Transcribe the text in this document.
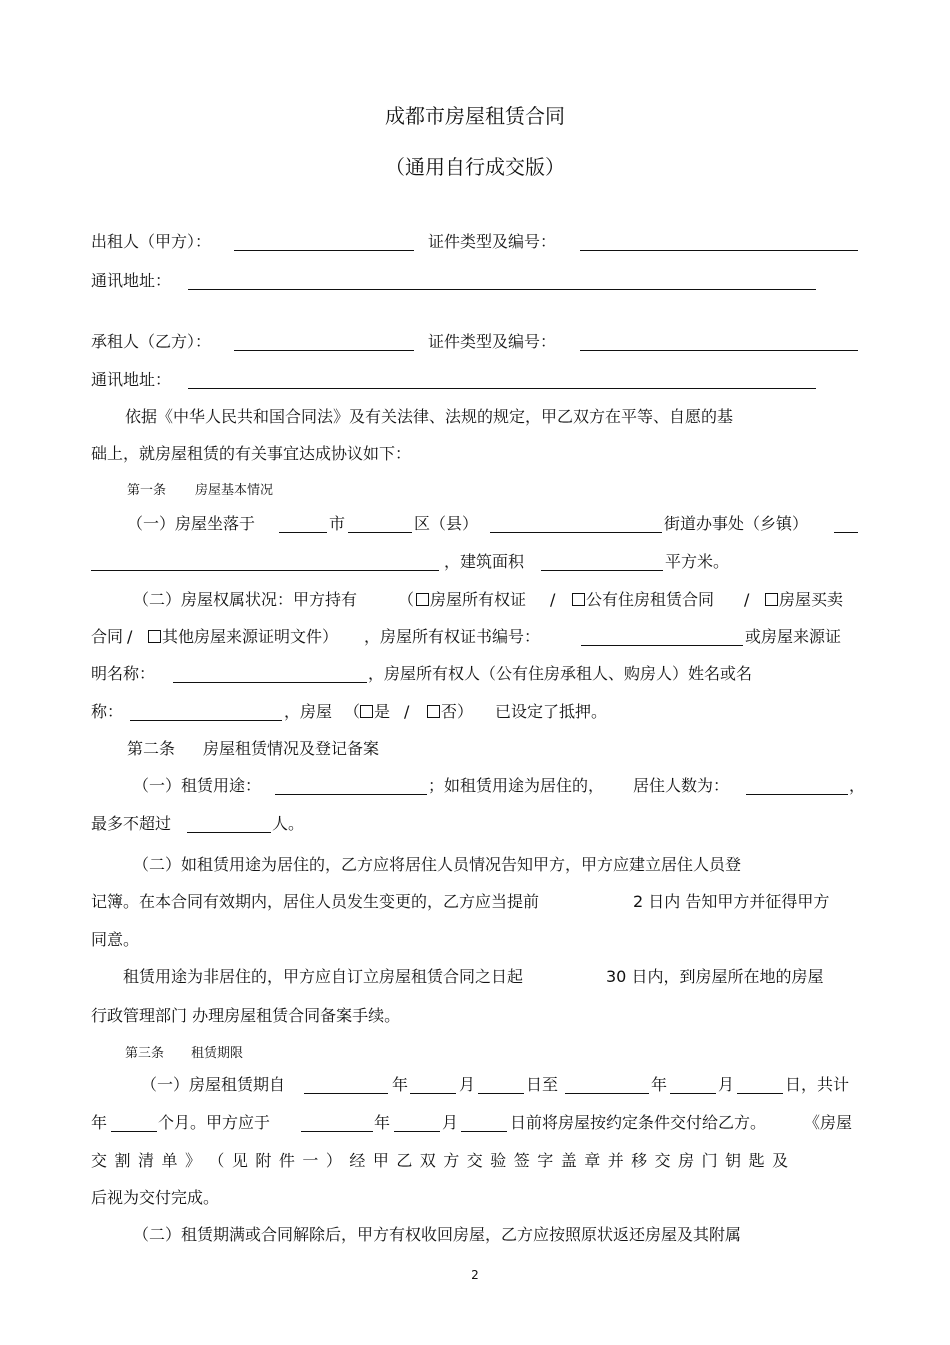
成都市房屋租赁合同
（通用自行成交版）
出租人（甲方）：	证件类型及编号：
通讯地址：
承租人（乙方）：	证件类型及编号：
通讯地址：
依据《中华人民共和国合同法》及有关法律、法规的规定，甲乙双方在平等、自愿的基
础上，就房屋租赁的有关事宜达成协议如下：
第一条 房屋基本情况
（一）房屋坐落于	市	区（县）	街道办事处（乡镇）
，建筑面积	平方米。
（二）房屋权属状况：甲方持有	（ 房屋所有权证 /	公有住房租赁合同 /	房屋买卖
合同 /	其他房屋来源证明文件） ，房屋所有权证书编号：	或房屋来源证
明名称：	，房屋所有权人（公有住房承租人、购房人）姓名或名
称：	，房屋 （ 是 /	否） 已设定了抵押。
第二条 房屋租赁情况及登记备案
（一）租赁用途：	；如租赁用途为居住的， 居住人数为：	，
最多不超过	人。
（二）如租赁用途为居住的，乙方应将居住人员情况告知甲方，甲方应建立居住人员登
记簿。在本合同有效期内，居住人员发生变更的，乙方应当提前	2 日内 告知甲方并征得甲方
同意。
租赁用途为非居住的，甲方应自订立房屋租赁合同之日起	30 日内，到房屋所在地的房屋
行政管理部门 办理房屋租赁合同备案手续。
第三条 租赁期限
（一）房屋租赁期自	年	月	日至	年	月	日，共计
年	个月。甲方应于	年	月	日前将房屋按约定条件交付给乙方。 《房屋
交 割 清 单 》 （ 见 附 件 一 ） 经 甲 乙 双 方 交 验 签 字 盖 章 并 移 交 房 门 钥 匙 及
后视为交付完成。
（二）租赁期满或合同解除后，甲方有权收回房屋，乙方应按照原状返还房屋及其附属
2
